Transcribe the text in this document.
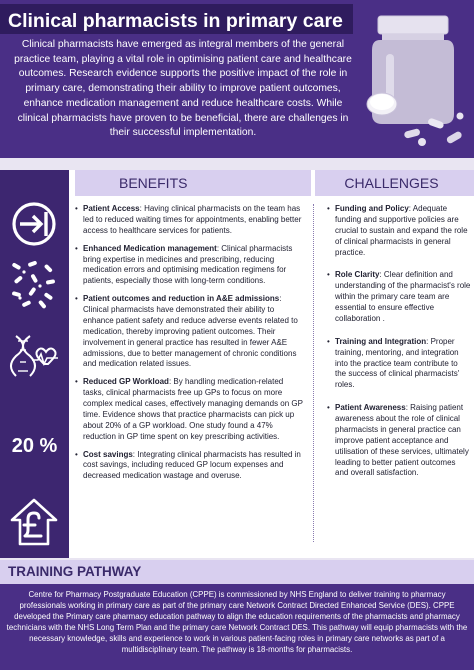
Clinical pharmacists in primary care

Clinical pharmacists have emerged as integral members of the general practice team, playing a vital role in optimising patient care and healthcare outcomes. Research evidence supports the positive impact of the role in primary care, demonstrating their ability to improve patient outcomes, enhance medication management and reduce healthcare costs. While clinical pharmacists have proven to be beneficial, there are challenges in their successful implementation.

20 %
BENEFITS	CHALLENGES
• Patient Access: Having clinical pharmacists on the team has led to reduced waiting times for appointments, enabling better access to healthcare services for patients.
• Enhanced Medication management: Clinical pharmacists bring expertise in medicines and prescribing, reducing medication errors and optimising medication regimens for patients, especially those with long-term conditions.
• Patient outcomes and reduction in A&E admissions: Clinical pharmacists have demonstrated their ability to enhance patient safety and reduce adverse events related to medication, thereby improving patient outcomes. Their involvement in general practice has resulted in fewer A&E admissions, due to better management of chronic conditions and medication related issues.
• Reduced GP Workload: By handling medication-related tasks, clinical pharmacists free up GPs to focus on more complex medical cases, effectively managing demands on GP time. Evidence shows that practice pharmacists can pick up about 20% of a GP workload. One study found a 47% reduction in GP time spent on key prescribing activities.
• Cost savings: Integrating clinical pharmacists has resulted in cost savings, including reduced GP locum expenses and decreased medication wastage and overuse.
• Funding and Policy: Adequate funding and supportive policies are crucial to sustain and expand the role of clinical pharmacists in general practice.
• Role Clarity: Clear definition and understanding of the pharmacist's role within the primary care team are essential to ensure effective collaboration .
• Training and Integration: Proper training, mentoring, and integration into the practice team contribute to the success of clinical pharmacists' roles.
• Patient Awareness: Raising patient awareness about the role of clinical pharmacists in general practice can improve patient acceptance and utilisation of these services, ultimately leading to better patient outcomes and overall satisfaction.
TRAINING PATHWAY

Centre for Pharmacy Postgraduate Education (CPPE) is commissioned by NHS England to deliver training to pharmacy professionals working in primary care as part of the primary care Network Contract Directed Enhanced Service (DES). CPPE developed the Primary care pharmacy education pathway to align the education requirements of the pharmacists and pharmacy technicians with the NHS Long Term Plan and the primary care Network Contract DES. This pathway will equip pharmacists with the necessary knowledge, skills and experience to work in various patient-facing roles in primary care networks as part of a multidisciplinary team. The pathway is 18-months for pharmacists.
